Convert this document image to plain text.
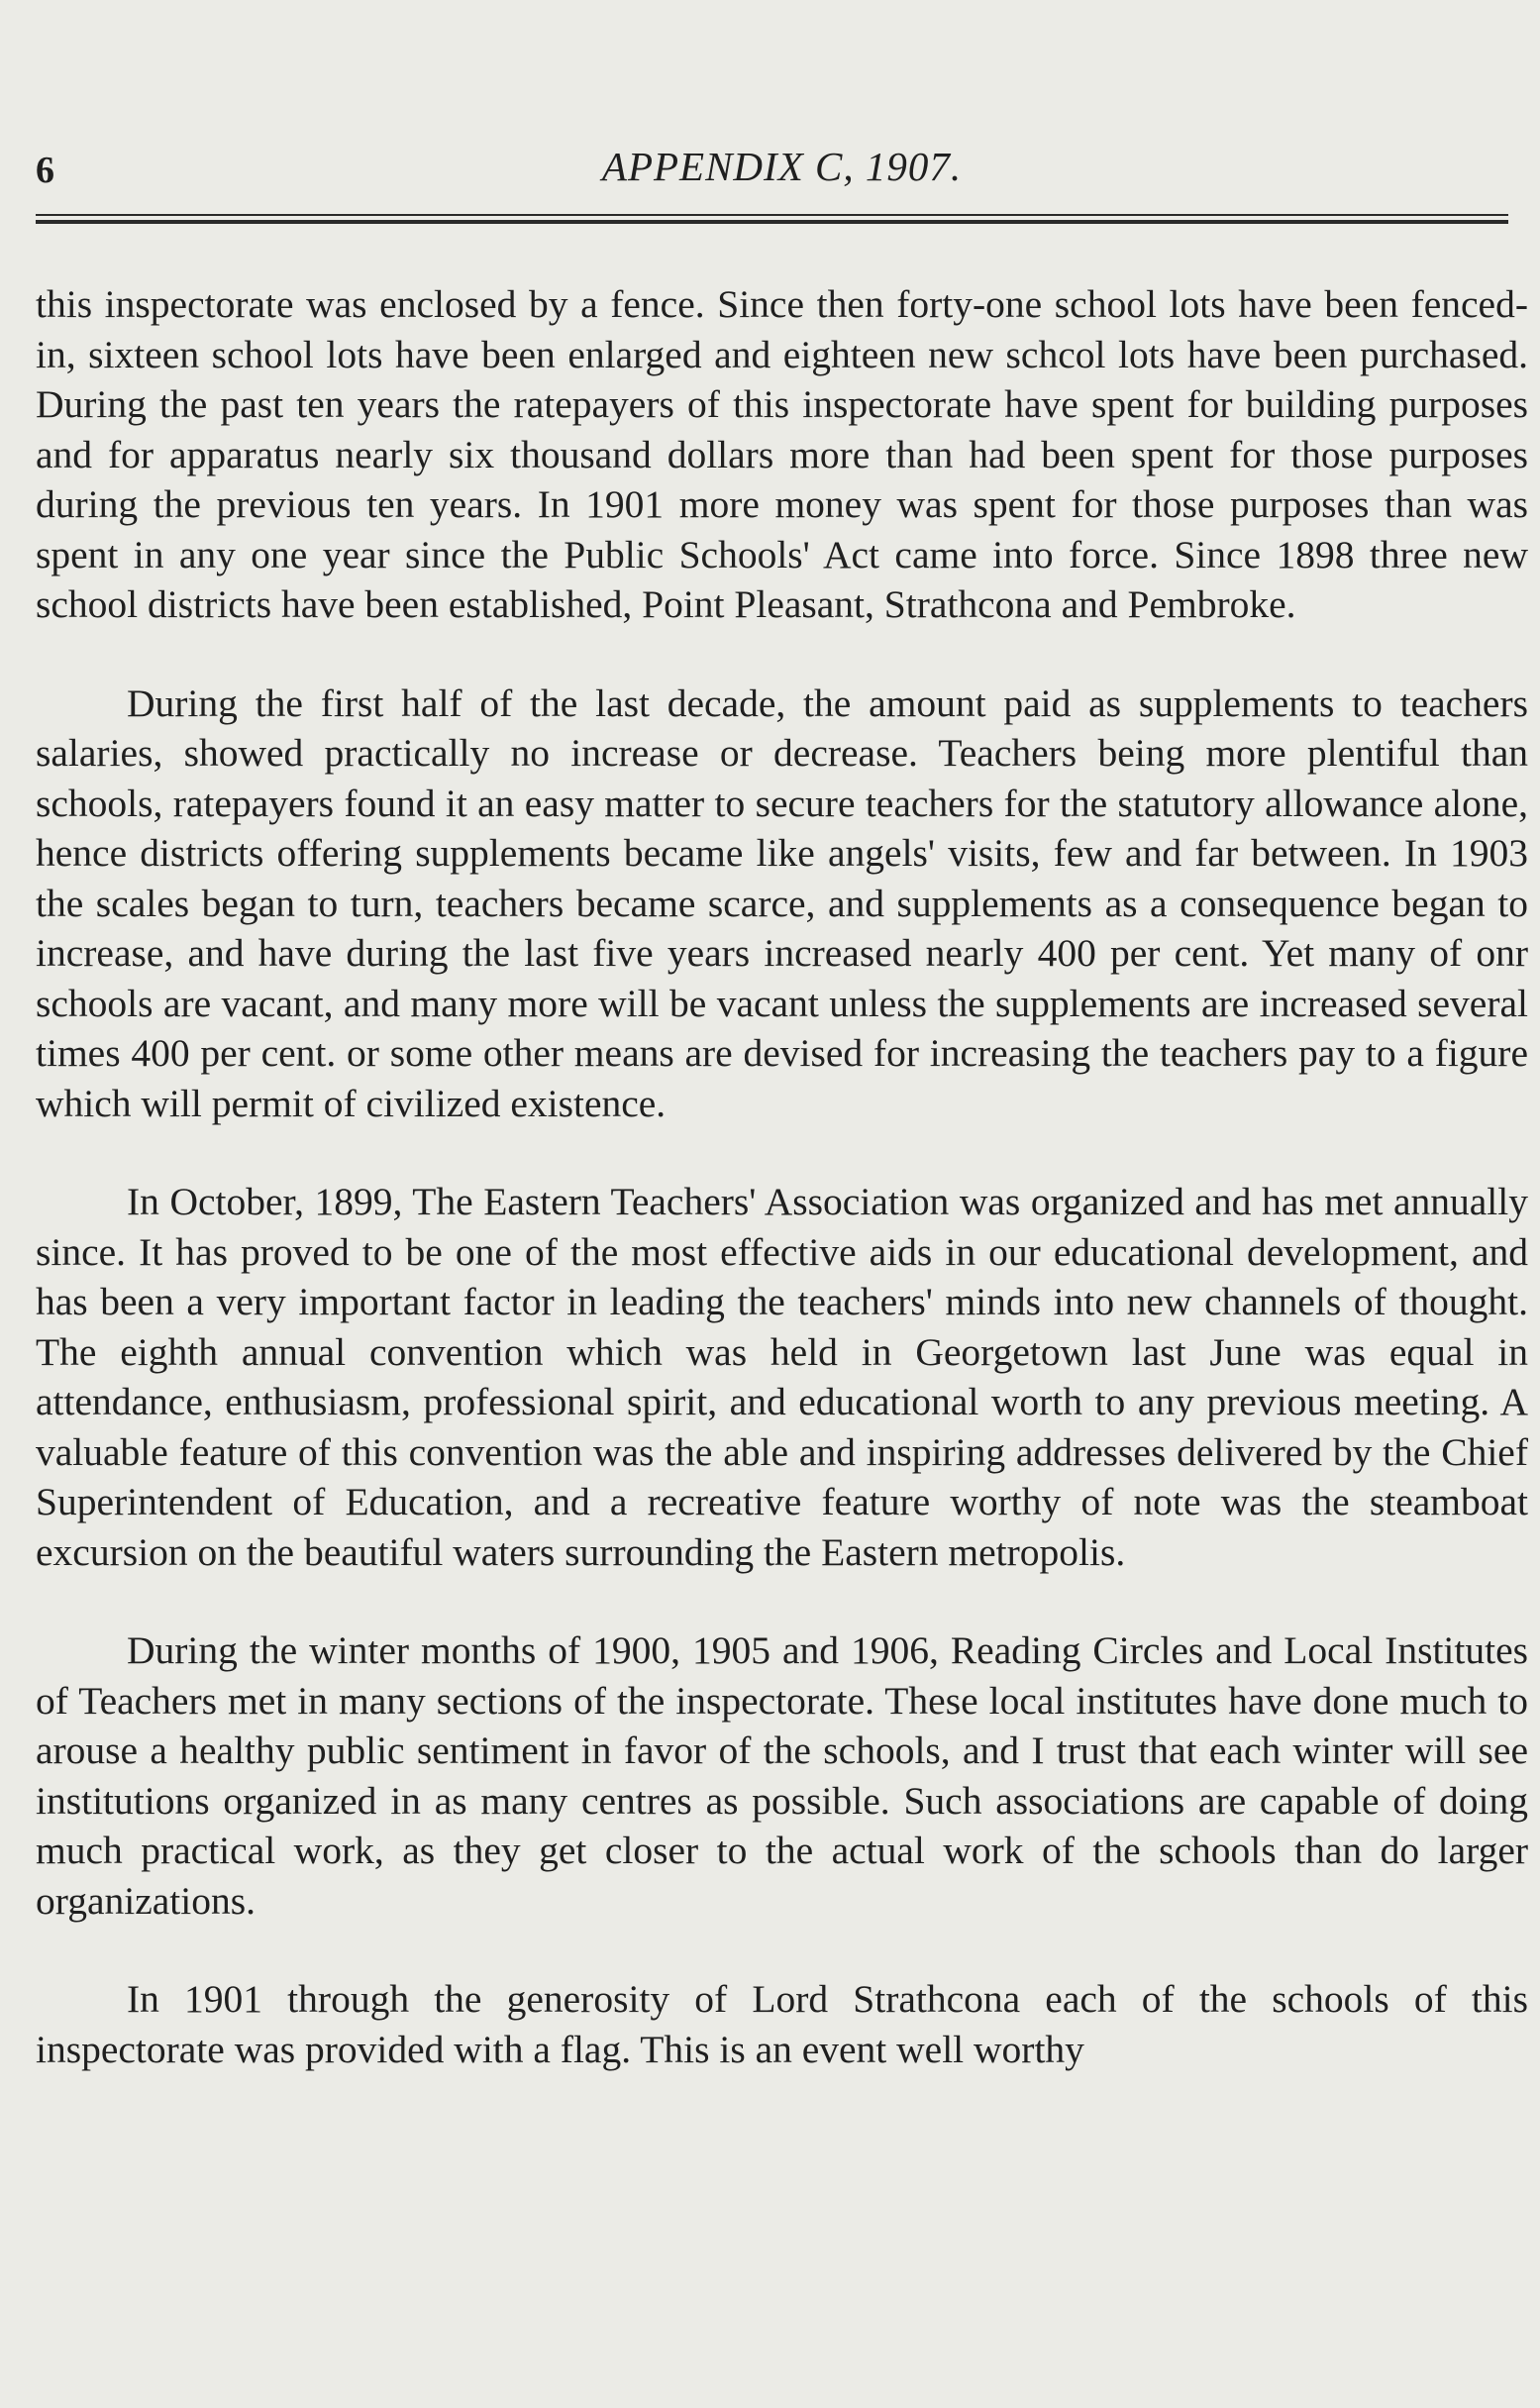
6	APPENDIX C, 1907.

this inspectorate was enclosed by a fence. Since then forty-one school lots have been fenced-in, sixteen school lots have been enlarged and eighteen new schcol lots have been purchased. During the past ten years the ratepayers of this inspectorate have spent for building purposes and for apparatus nearly six thousand dollars more than had been spent for those purposes during the previous ten years. In 1901 more money was spent for those purposes than was spent in any one year since the Public Schools' Act came into force. Since 1898 three new school districts have been established, Point Pleasant, Strathcona and Pembroke.

During the first half of the last decade, the amount paid as supplements to teachers salaries, showed practically no increase or decrease. Teachers being more plentiful than schools, ratepayers found it an easy matter to secure teachers for the statutory allowance alone, hence districts offering supplements became like angels' visits, few and far between. In 1903 the scales began to turn, teachers became scarce, and supplements as a consequence began to increase, and have during the last five years increased nearly 400 per cent. Yet many of onr schools are vacant, and many more will be vacant unless the supplements are increased several times 400 per cent. or some other means are devised for increasing the teachers pay to a figure which will permit of civilized existence.

In October, 1899, The Eastern Teachers' Association was organized and has met annually since. It has proved to be one of the most effective aids in our educational development, and has been a very important factor in leading the teachers' minds into new channels of thought. The eighth annual convention which was held in Georgetown last June was equal in attendance, enthusiasm, professional spirit, and educational worth to any previous meeting. A valuable feature of this convention was the able and inspiring addresses delivered by the Chief Superintendent of Education, and a recreative feature worthy of note was the steamboat excursion on the beautiful waters surrounding the Eastern metropolis.

During the winter months of 1900, 1905 and 1906, Reading Circles and Local Institutes of Teachers met in many sections of the inspectorate. These local institutes have done much to arouse a healthy public sentiment in favor of the schools, and I trust that each winter will see institutions organized in as many centres as possible. Such associations are capable of doing much practical work, as they get closer to the actual work of the schools than do larger organizations.

In 1901 through the generosity of Lord Strathcona each of the schools of this inspectorate was provided with a flag. This is an event well worthy
